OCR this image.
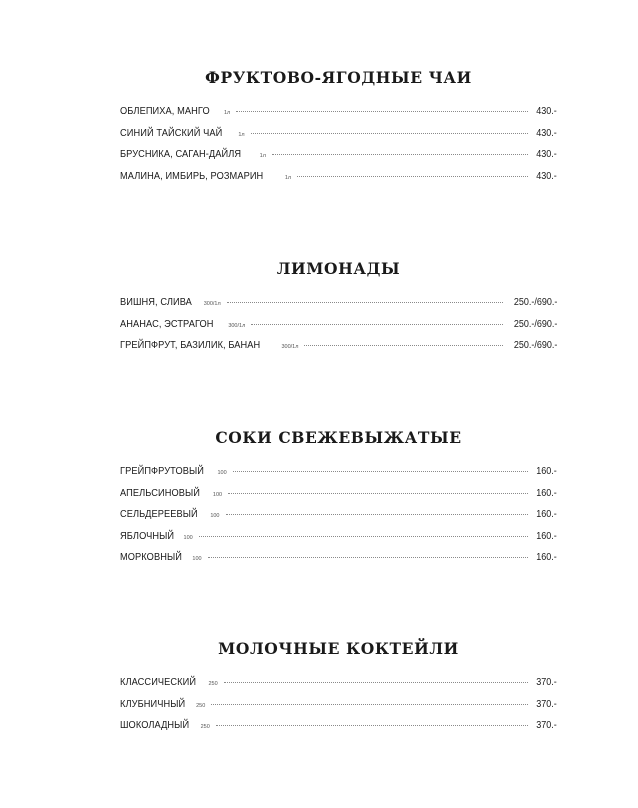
ФРУКТОВО-ЯГОДНЫЕ ЧАИ
ОБЛЕПИХА, МАНГО	1л	430.-
СИНИЙ ТАЙСКИЙ ЧАЙ	1л	430.-
БРУСНИКА, САГАН-ДАЙЛЯ	1л	430.-
МАЛИНА, ИМБИРЬ, РОЗМАРИН	1л	430.-
ЛИМОНАДЫ
ВИШНЯ, СЛИВА 300/1л	250.-/690.-
АНАНАС, ЭСТРАГОН	300/1л	250.-/690.-
ГРЕЙПФРУТ, БАЗИЛИК, БАНАН	300/1л	250.-/690.-
СОКИ СВЕЖЕВЫЖАТЫЕ
ГРЕЙПФРУТОВЫЙ 100	160.-
АПЕЛЬСИНОВЫЙ 100	160.-
СЕЛЬДЕРЕЕВЫЙ 100	160.-
ЯБЛОЧНЫЙ 100	160.-
МОРКОВНЫЙ 100	160.-
МОЛОЧНЫЕ КОКТЕЙЛИ
КЛАССИЧЕСКИЙ 250	370.-
КЛУБНИЧНЫЙ 250	370.-
ШОКОЛАДНЫЙ 250	370.-
